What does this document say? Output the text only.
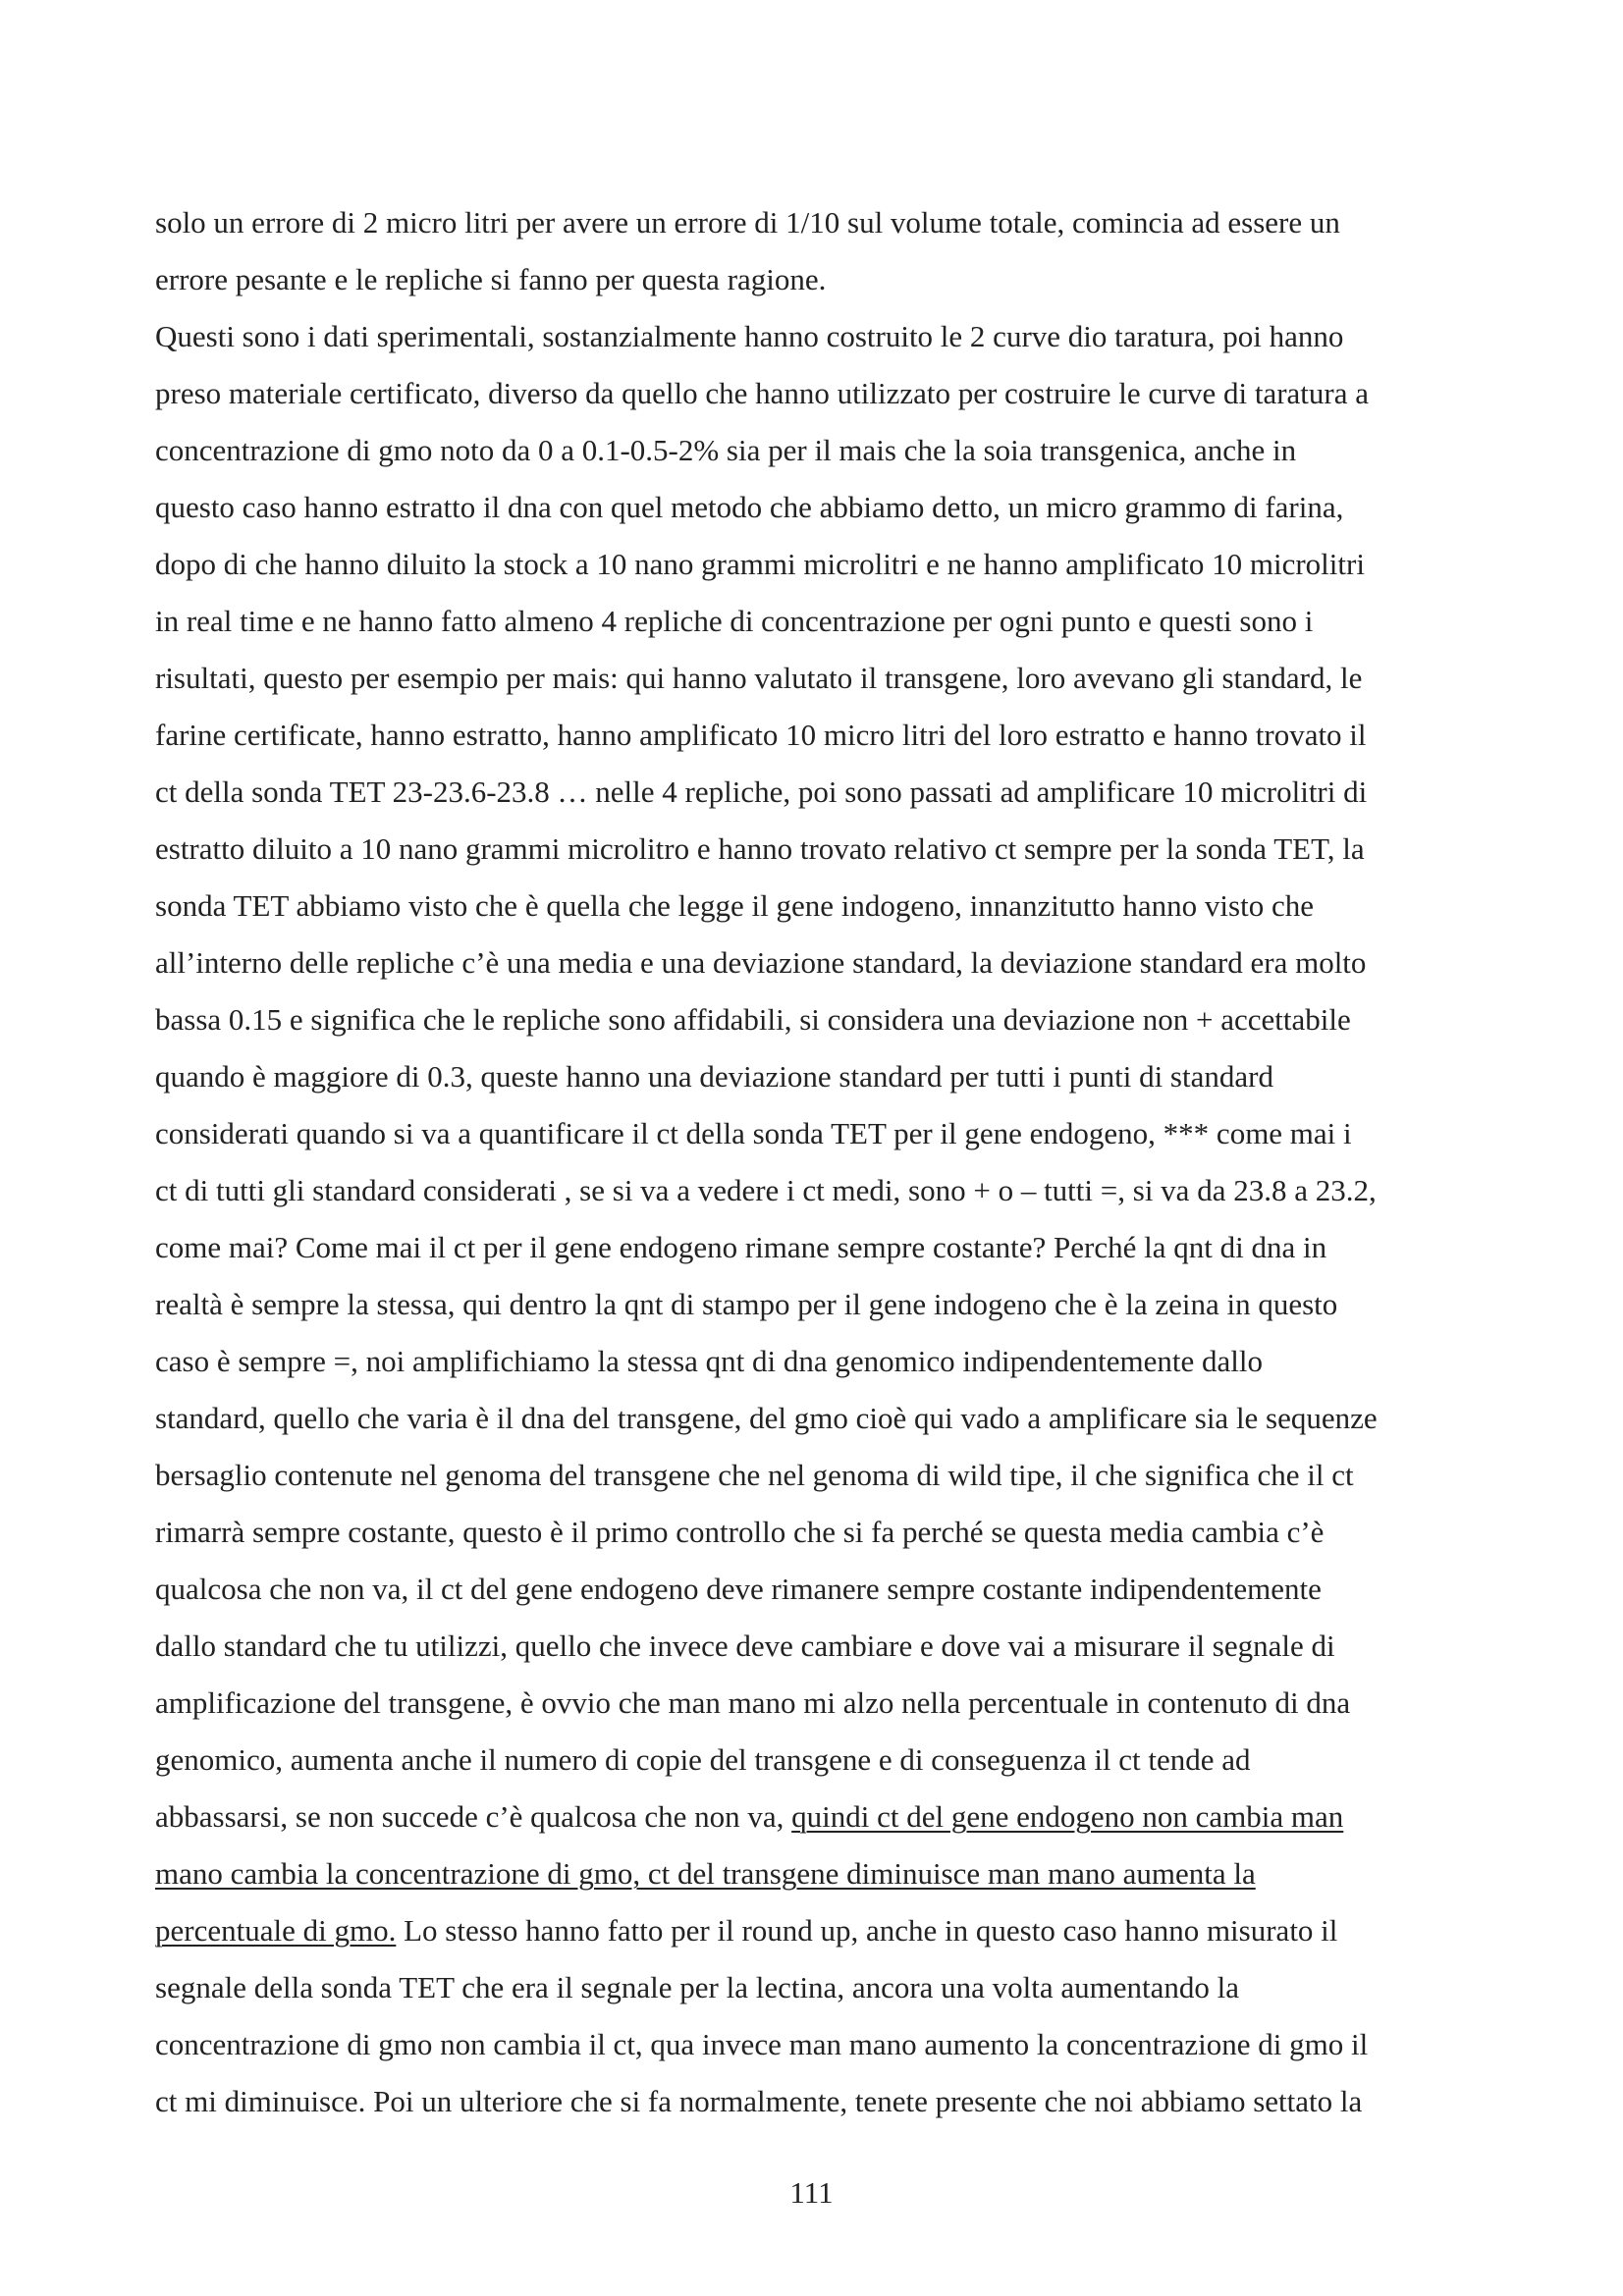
solo un errore di 2 micro litri per avere un errore di 1/10 sul volume totale, comincia ad essere un
errore pesante e le repliche si fanno per questa ragione.
Questi sono i dati sperimentali, sostanzialmente hanno costruito le 2 curve dio taratura, poi hanno
preso materiale certificato, diverso da quello che hanno utilizzato per costruire le curve di taratura a
concentrazione di gmo noto da 0 a 0.1-0.5-2% sia per il mais che la soia transgenica, anche in
questo caso hanno estratto il dna con quel metodo che abbiamo detto, un micro grammo di farina,
dopo di che hanno diluito la stock a 10 nano grammi microlitri e ne hanno amplificato 10 microlitri
in real time e ne hanno fatto almeno 4 repliche di concentrazione per ogni punto e questi sono i
risultati, questo per esempio per mais: qui hanno valutato il transgene, loro avevano gli standard, le
farine certificate, hanno estratto, hanno amplificato 10 micro litri del loro estratto e hanno trovato il
ct della sonda TET 23-23.6-23.8 … nelle 4 repliche, poi sono passati ad amplificare 10 microlitri di
estratto diluito a 10 nano grammi microlitro e hanno trovato relativo ct sempre per la sonda TET, la
sonda TET abbiamo visto che è quella che legge il gene indogeno, innanzitutto hanno visto che
all’interno delle repliche c’è una media e una deviazione standard, la deviazione standard era molto
bassa 0.15 e significa che le repliche sono affidabili, si considera una deviazione non + accettabile
quando è maggiore di 0.3, queste hanno una deviazione standard per tutti i punti di standard
considerati quando si va a quantificare il ct della sonda TET per il gene endogeno, *** come mai i
ct di tutti gli standard considerati , se si va a vedere i ct medi, sono + o – tutti =, si va da 23.8 a 23.2,
come mai? Come mai il ct per il gene endogeno rimane sempre costante? Perché la qnt di dna in
realtà è sempre la stessa, qui dentro la qnt di stampo per il gene indogeno che è la zeina in questo
caso è sempre =, noi amplifichiamo la stessa qnt di dna genomico indipendentemente dallo
standard, quello che varia è il dna del transgene, del gmo cioè qui vado a amplificare sia le sequenze
bersaglio contenute nel genoma del transgene che nel genoma di wild tipe, il che significa che il ct
rimarrà sempre costante, questo è il primo controllo che si fa perché se questa media cambia c’è
qualcosa che non va, il ct del gene endogeno deve rimanere sempre costante indipendentemente
dallo standard che tu utilizzi, quello che invece deve cambiare e dove vai a misurare il segnale di
amplificazione del transgene, è ovvio che man mano mi alzo nella percentuale in contenuto di dna
genomico, aumenta anche il numero di copie del transgene e di conseguenza il ct tende ad
abbassarsi, se non succede c’è qualcosa che non va, quindi ct del gene endogeno non cambia man
mano cambia la concentrazione di gmo, ct del transgene diminuisce man mano aumenta la
percentuale di gmo. Lo stesso hanno fatto per il round up, anche in questo caso hanno misurato il
segnale della sonda TET che era il segnale per la lectina, ancora una volta aumentando la
concentrazione di gmo non cambia il ct, qua invece man mano aumento la concentrazione di gmo il
ct mi diminuisce. Poi un ulteriore che si fa normalmente, tenete presente che noi abbiamo settato la
111
